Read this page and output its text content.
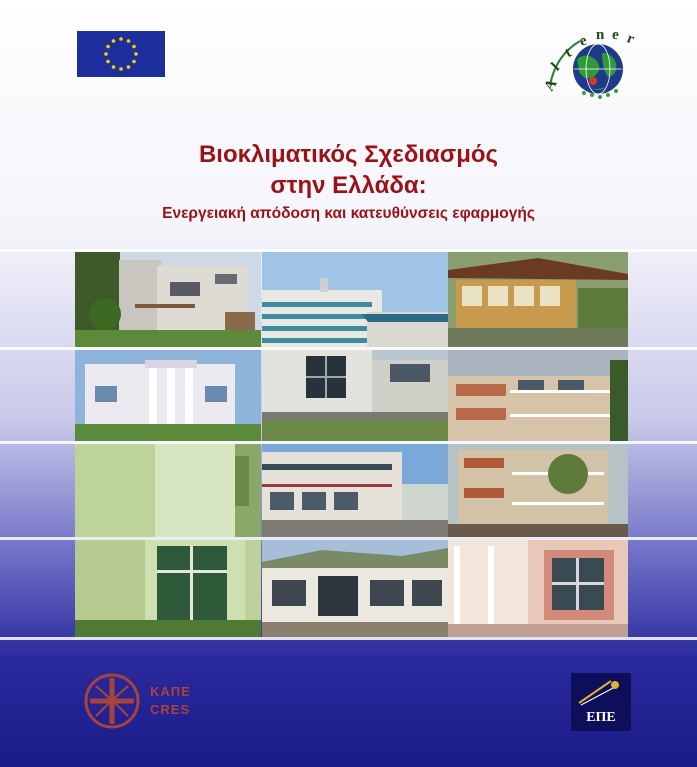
A
l
t
e n e r
Βιοκλιματικός Σχεδιασμός
στην Ελλάδα:
Ενεργειακή απόδοση και κατευθύνσεις εφαρμογής
ΚΑΠΕ
CRES
ΕΠΕ
